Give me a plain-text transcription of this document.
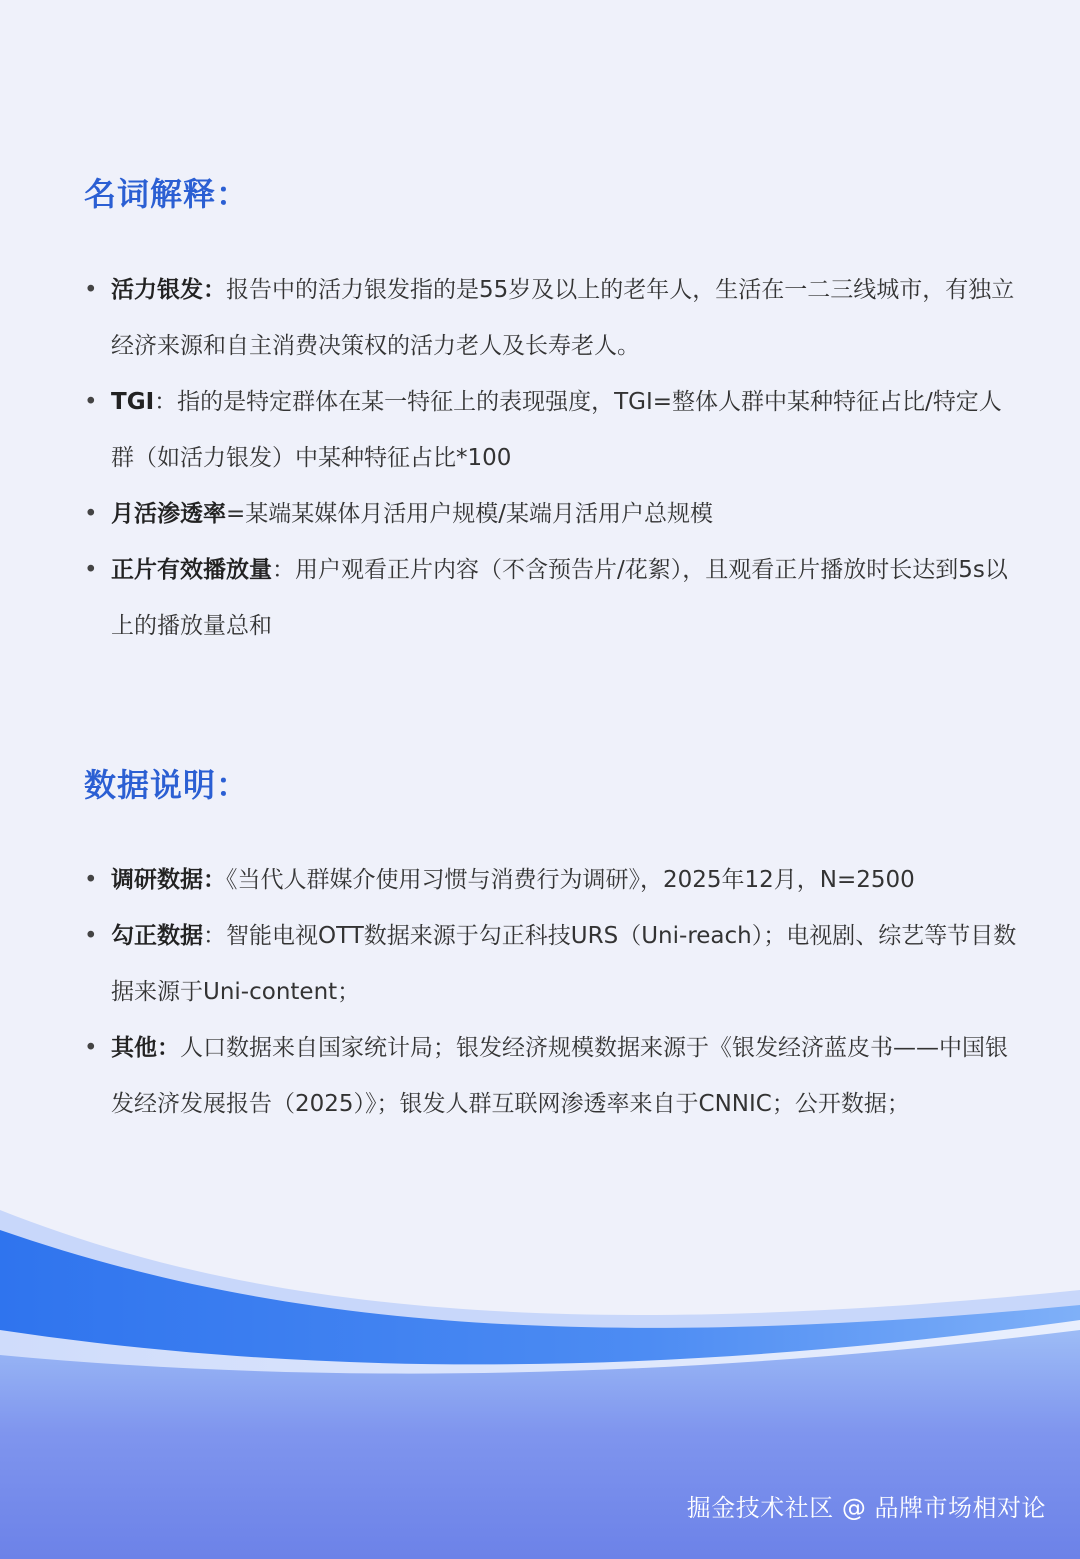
名词解释：
• 活力银发：报告中的活力银发指的是55岁及以上的老年人，生活在一二三线城市，有独立经济来源和自主消费决策权的活力老人及长寿老人。
• TGI：指的是特定群体在某一特征上的表现强度，TGI=整体人群中某种特征占比/特定人群（如活力银发）中某种特征占比*100
• 月活渗透率=某端某媒体月活用户规模/某端月活用户总规模
• 正片有效播放量：用户观看正片内容（不含预告片/花絮），且观看正片播放时长达到5s以上的播放量总和
数据说明：
• 调研数据：《当代人群媒介使用习惯与消费行为调研》，2025年12月，N=2500
• 勾正数据：智能电视OTT数据来源于勾正科技URS（Uni-reach）；电视剧、综艺等节目数据来源于Uni-content；
• 其他：人口数据来自国家统计局；银发经济规模数据来源于《银发经济蓝皮书——中国银发经济发展报告（2025）》；银发人群互联网渗透率来自于CNNIC；公开数据；
掘金技术社区 @ 品牌市场相对论
